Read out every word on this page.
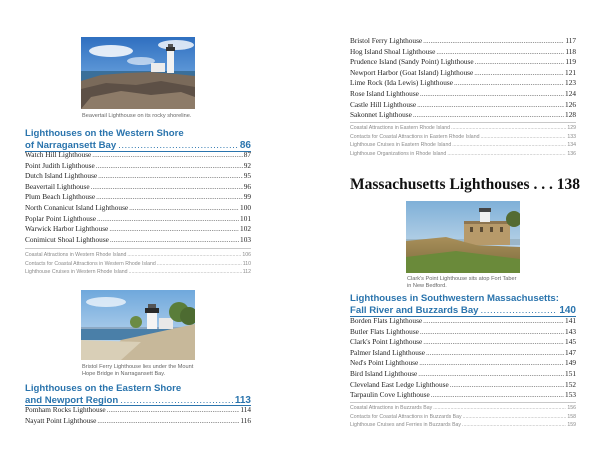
Beavertail Lighthouse on its rocky shoreline.
Lighthouses on the Western Shore
of Narragansett Bay .....	86
Watch Hill Lighthouse .....	87
Point Judith Lighthouse .....	92
Dutch Island Lighthouse .....	95
Beavertail Lighthouse .....	96
Plum Beach Lighthouse .....	99
North Conanicut Island Lighthouse .....	100
Poplar Point Lighthouse .....	101
Warwick Harbor Lighthouse .....	102
Conimicut Shoal Lighthouse .....	103
Coastal Attractions in Western Rhode Island .....	106
Contacts for Coastal Attractions in Western Rhode Island .....	110
Lighthouse Cruises in Western Rhode Island .....	112
Bristol Ferry Lighthouse lies under the Mount Hope Bridge in Narragansett Bay.
Lighthouses on the Eastern Shore
and Newport Region .....	113
Pomham Rocks Lighthouse .....	114
Nayatt Point Lighthouse .....	116
Bristol Ferry Lighthouse .....	117
Hog Island Shoal Lighthouse .....	118
Prudence Island (Sandy Point) Lighthouse .....	119
Newport Harbor (Goat Island) Lighthouse .....	121
Lime Rock (Ida Lewis) Lighthouse .....	123
Rose Island Lighthouse .....	124
Castle Hill Lighthouse .....	126
Sakonnet Lighthouse .....	128
Coastal Attractions in Eastern Rhode Island .....	129
Contacts for Coastal Attractions in Eastern Rhode Island .....	133
Lighthouse Cruises in Eastern Rhode Island .....	134
Lighthouse Organizations in Rhode Island .....	136
Massachusetts Lighthouses . . . 138
Clark's Point Lighthouse sits atop Fort Taber in New Bedford.
Lighthouses in Southwestern Massachusetts:
Fall River and Buzzards Bay .....	140
Borden Flats Lighthouse .....	141
Butler Flats Lighthouse .....	143
Clark's Point Lighthouse .....	145
Palmer Island Lighthouse .....	147
Ned's Point Lighthouse .....	149
Bird Island Lighthouse .....	151
Cleveland East Ledge Lighthouse .....	152
Tarpaulin Cove Lighthouse .....	153
Coastal Attractions in Buzzards Bay .....	156
Contacts for Coastal Attractions in Buzzards Bay .....	158
Lighthouse Cruises and Ferries in Buzzards Bay .....	159
